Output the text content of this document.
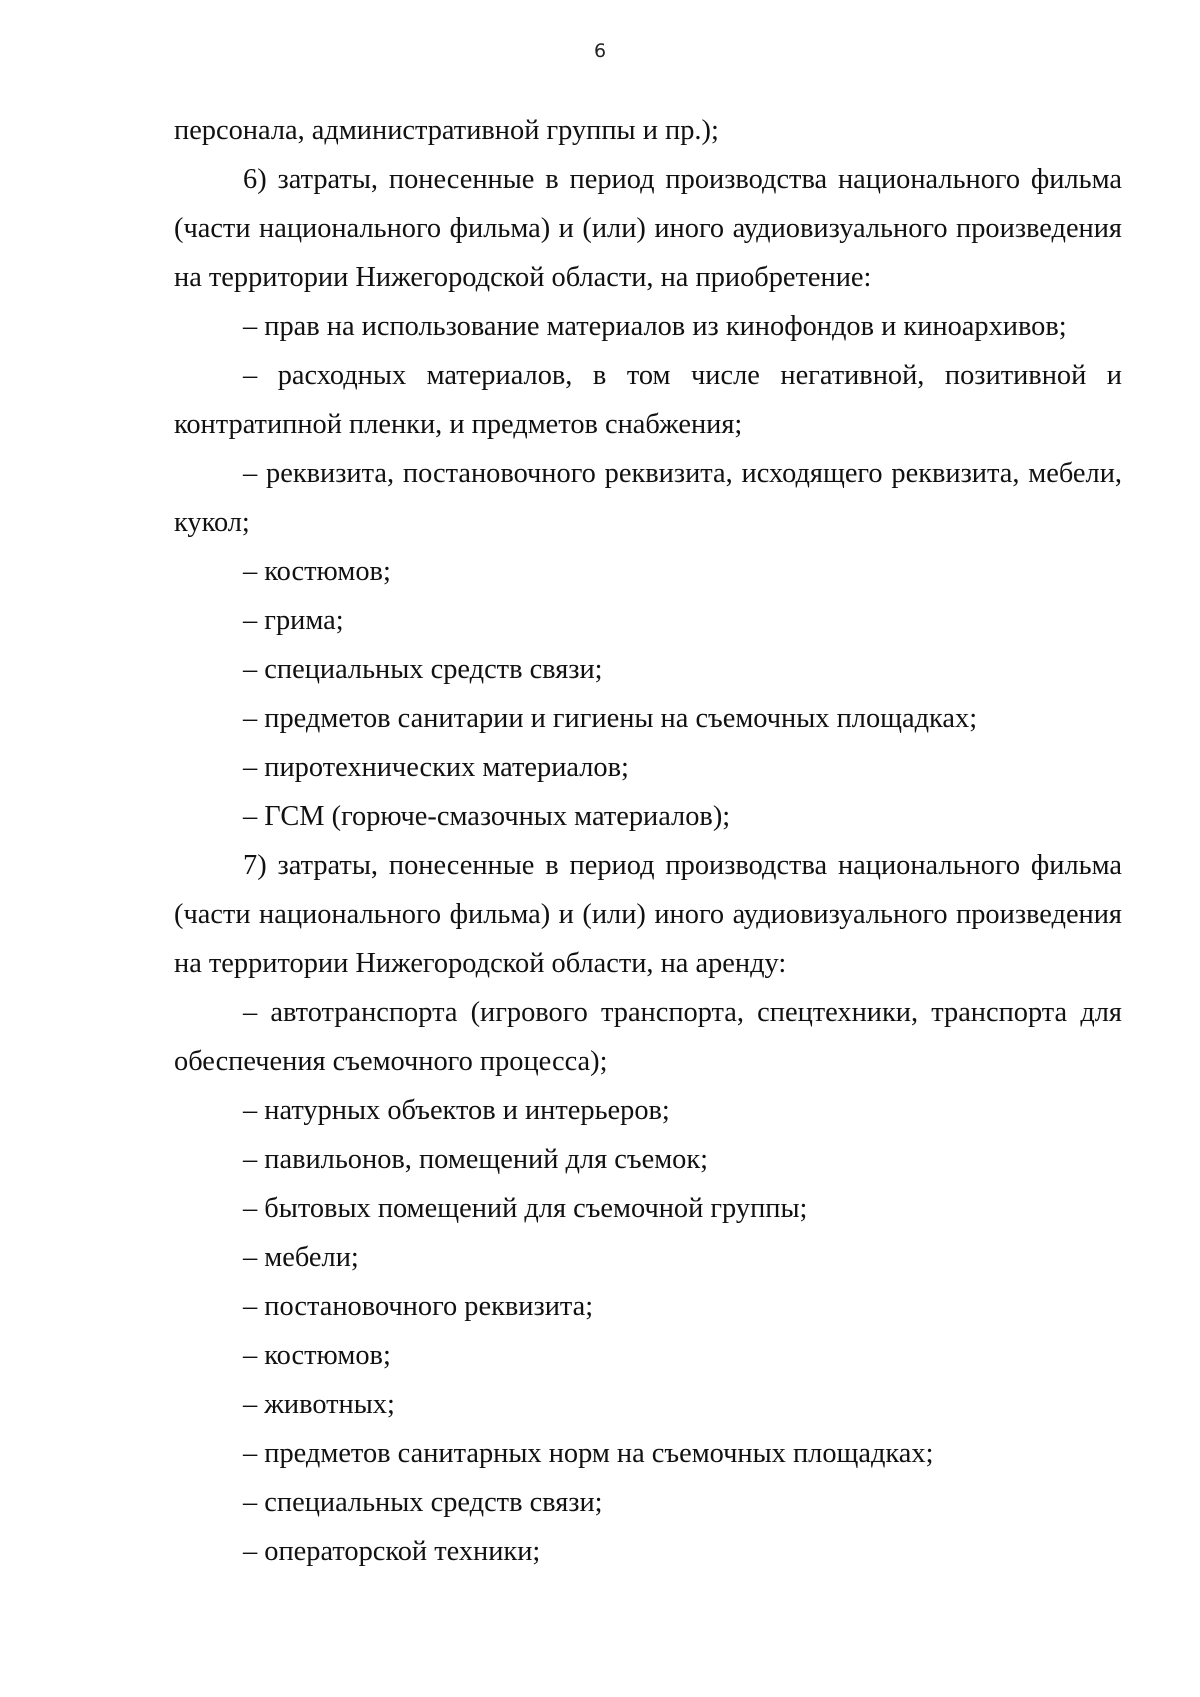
6

персонала, административной группы и пр.);

6) затраты, понесенные в период производства национального фильма (части национального фильма) и (или) иного аудиовизуального произведения на территории Нижегородской области, на приобретение:

– прав на использование материалов из кинофондов и киноархивов;

– расходных материалов, в том числе негативной, позитивной и контратипной пленки, и предметов снабжения;

– реквизита, постановочного реквизита, исходящего реквизита, мебели, кукол;

– костюмов;

– грима;

– специальных средств связи;

– предметов санитарии и гигиены на съемочных площадках;

– пиротехнических материалов;

– ГСМ (горюче-смазочных материалов);

7) затраты, понесенные в период производства национального фильма (части национального фильма) и (или) иного аудиовизуального произведения на территории Нижегородской области, на аренду:

– автотранспорта (игрового транспорта, спецтехники, транспорта для обеспечения съемочного процесса);

– натурных объектов и интерьеров;

– павильонов, помещений для съемок;

– бытовых помещений для съемочной группы;

– мебели;

– постановочного реквизита;

– костюмов;

– животных;

– предметов санитарных норм на съемочных площадках;

– специальных средств связи;

– операторской техники;
